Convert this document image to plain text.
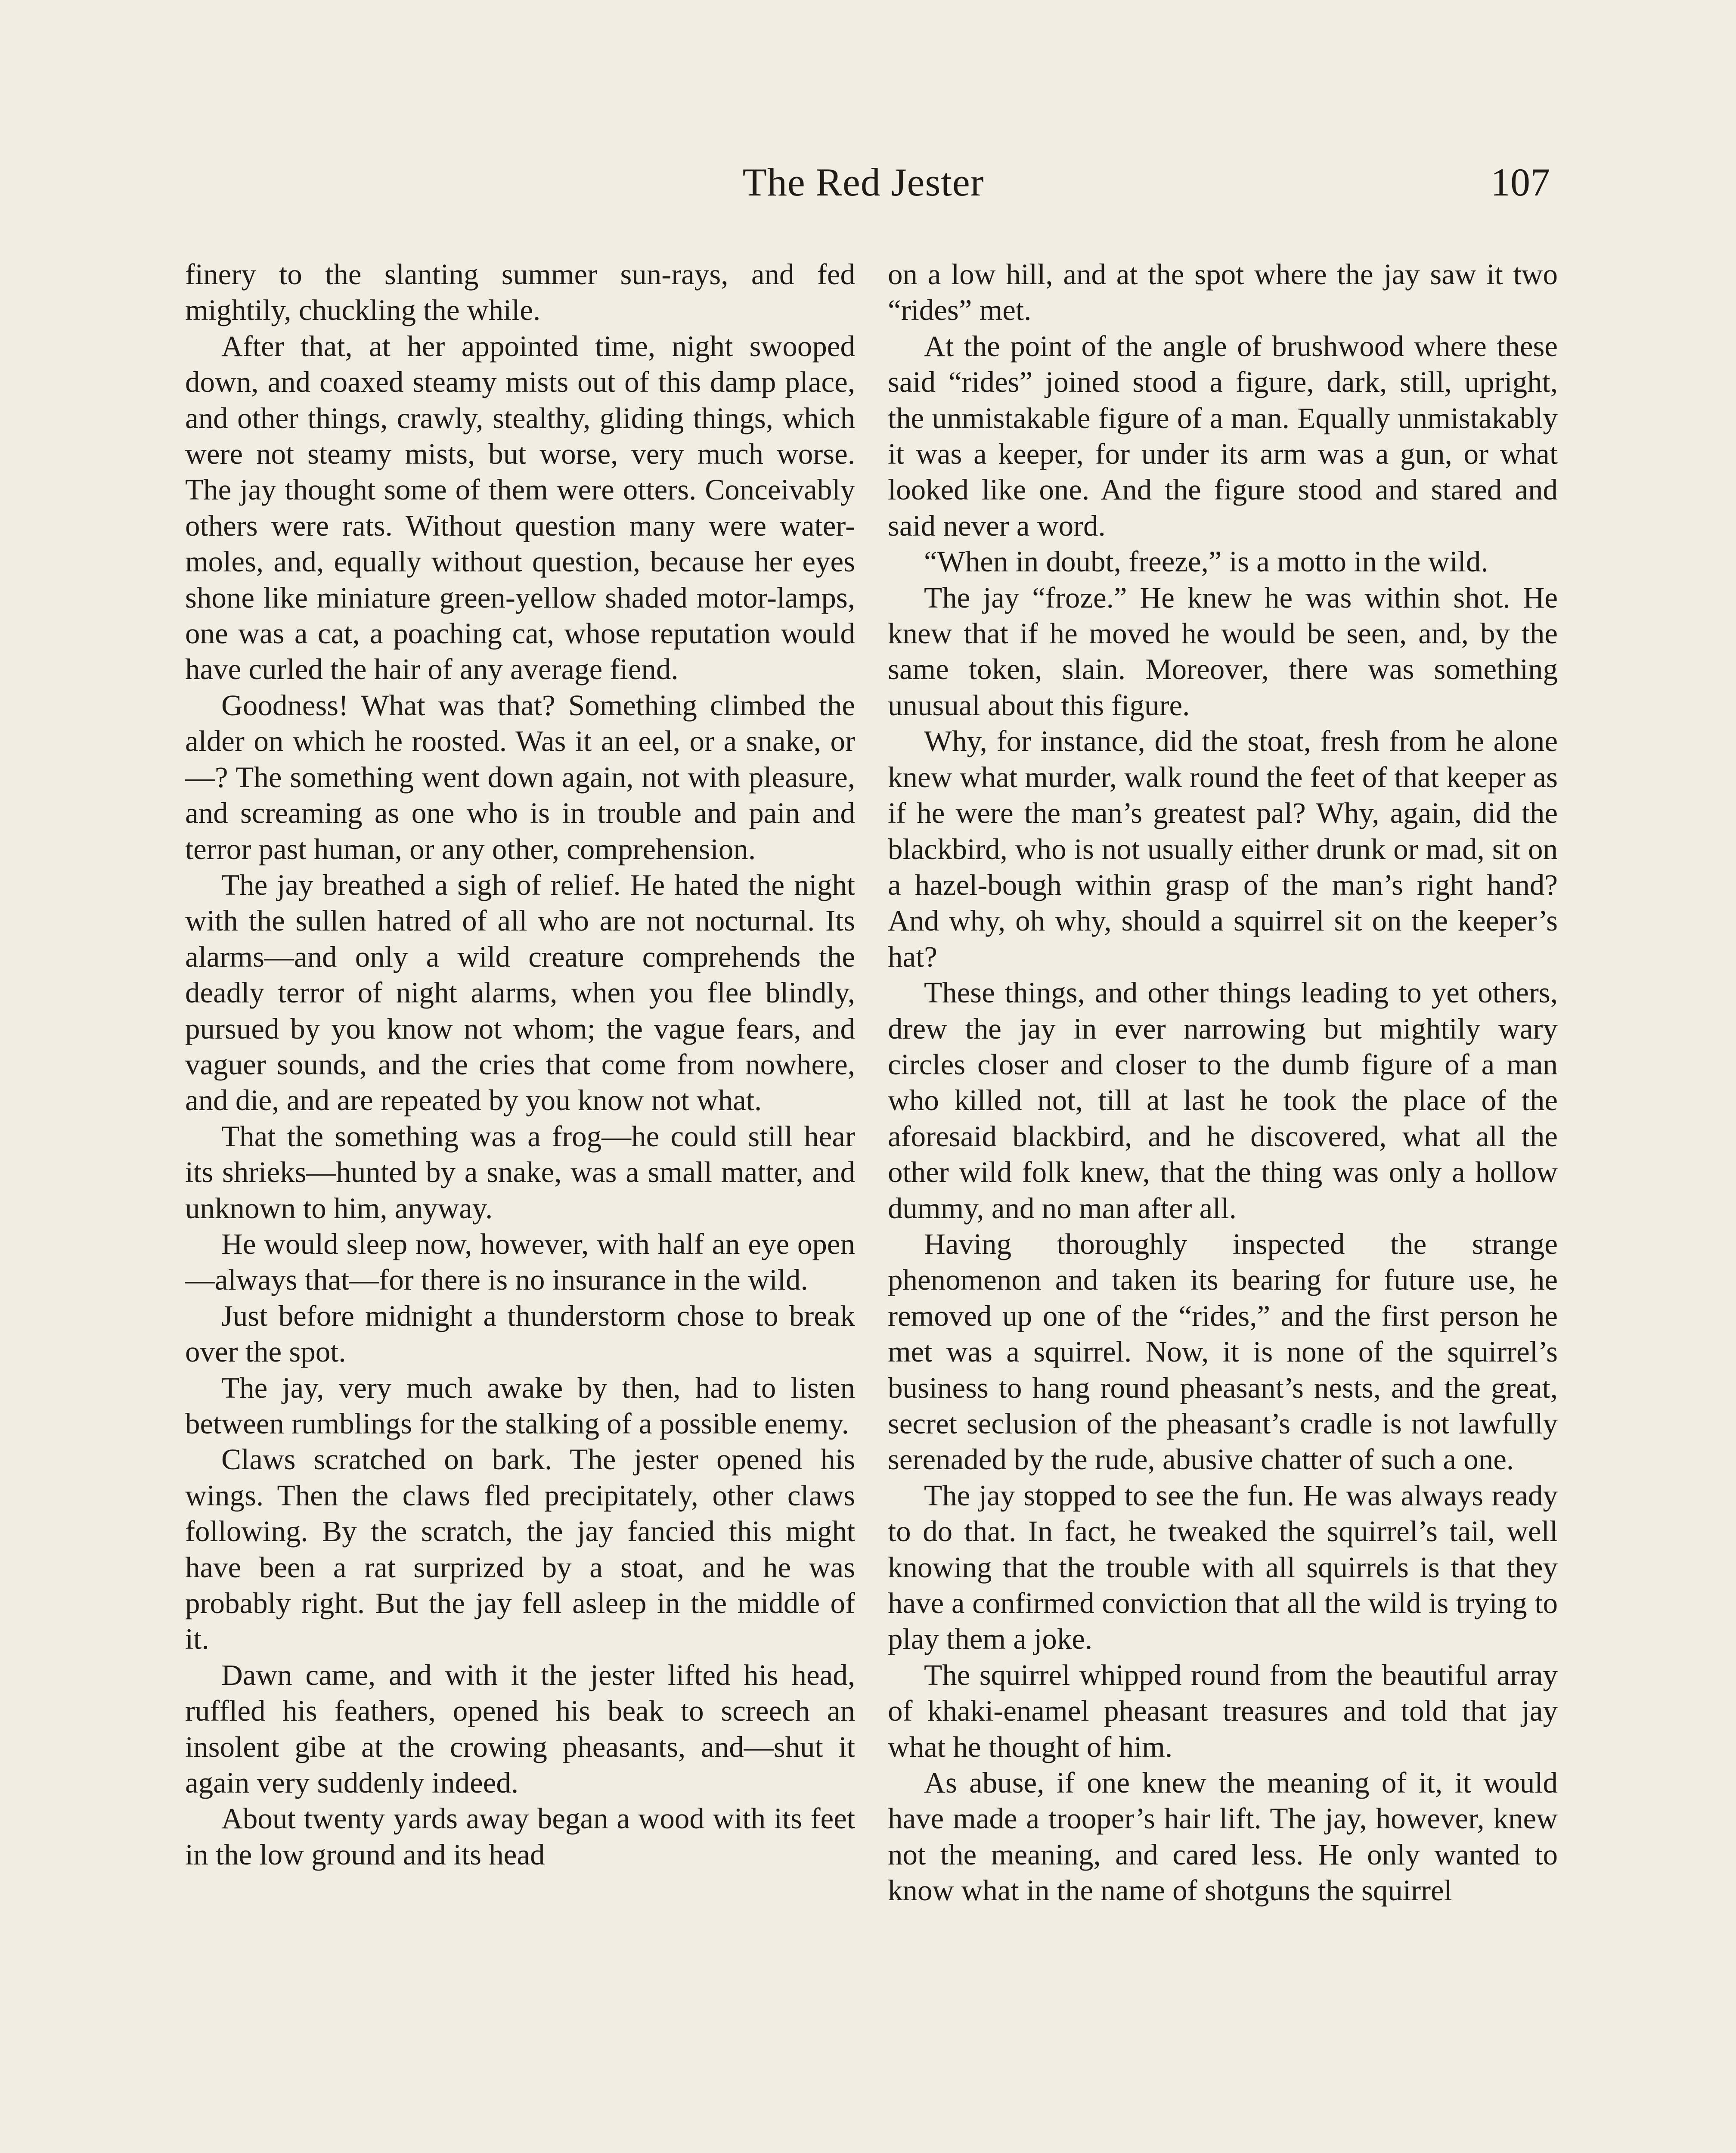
The Red Jester	107

finery to the slanting summer sun-rays, and fed mightily, chuckling the while.

After that, at her appointed time, night swooped down, and coaxed steamy mists out of this damp place, and other things, crawly, stealthy, gliding things, which were not steamy mists, but worse, very much worse. The jay thought some of them were otters. Conceivably others were rats. Without question many were water-moles, and, equally without question, because her eyes shone like miniature green-yellow shaded motor-lamps, one was a cat, a poaching cat, whose reputation would have curled the hair of any average fiend.

Goodness! What was that? Something climbed the alder on which he roosted. Was it an eel, or a snake, or—? The something went down again, not with pleasure, and screaming as one who is in trouble and pain and terror past human, or any other, comprehension.

The jay breathed a sigh of relief. He hated the night with the sullen hatred of all who are not nocturnal. Its alarms—and only a wild creature comprehends the deadly terror of night alarms, when you flee blindly, pursued by you know not whom; the vague fears, and vaguer sounds, and the cries that come from nowhere, and die, and are repeated by you know not what.

That the something was a frog—he could still hear its shrieks—hunted by a snake, was a small matter, and unknown to him, anyway.

He would sleep now, however, with half an eye open—always that—for there is no insurance in the wild.

Just before midnight a thunderstorm chose to break over the spot.

The jay, very much awake by then, had to listen between rumblings for the stalking of a possible enemy.

Claws scratched on bark. The jester opened his wings. Then the claws fled precipitately, other claws following. By the scratch, the jay fancied this might have been a rat surprized by a stoat, and he was probably right. But the jay fell asleep in the middle of it.

Dawn came, and with it the jester lifted his head, ruffled his feathers, opened his beak to screech an insolent gibe at the crowing pheasants, and—shut it again very suddenly indeed.

About twenty yards away began a wood with its feet in the low ground and its head

on a low hill, and at the spot where the jay saw it two “rides” met.

At the point of the angle of brushwood where these said “rides” joined stood a figure, dark, still, upright, the unmistakable figure of a man. Equally unmistakably it was a keeper, for under its arm was a gun, or what looked like one. And the figure stood and stared and said never a word.

“When in doubt, freeze,” is a motto in the wild.

The jay “froze.” He knew he was within shot. He knew that if he moved he would be seen, and, by the same token, slain. Moreover, there was something unusual about this figure.

Why, for instance, did the stoat, fresh from he alone knew what murder, walk round the feet of that keeper as if he were the man’s greatest pal? Why, again, did the blackbird, who is not usually either drunk or mad, sit on a hazel-bough within grasp of the man’s right hand? And why, oh why, should a squirrel sit on the keeper’s hat?

These things, and other things leading to yet others, drew the jay in ever narrowing but mightily wary circles closer and closer to the dumb figure of a man who killed not, till at last he took the place of the aforesaid blackbird, and he discovered, what all the other wild folk knew, that the thing was only a hollow dummy, and no man after all.

Having thoroughly inspected the strange phenomenon and taken its bearing for future use, he removed up one of the “rides,” and the first person he met was a squirrel. Now, it is none of the squirrel’s business to hang round pheasant’s nests, and the great, secret seclusion of the pheasant’s cradle is not lawfully serenaded by the rude, abusive chatter of such a one.

The jay stopped to see the fun. He was always ready to do that. In fact, he tweaked the squirrel’s tail, well knowing that the trouble with all squirrels is that they have a confirmed conviction that all the wild is trying to play them a joke.

The squirrel whipped round from the beautiful array of khaki-enamel pheasant treasures and told that jay what he thought of him.

As abuse, if one knew the meaning of it, it would have made a trooper’s hair lift. The jay, however, knew not the meaning, and cared less. He only wanted to know what in the name of shotguns the squirrel
